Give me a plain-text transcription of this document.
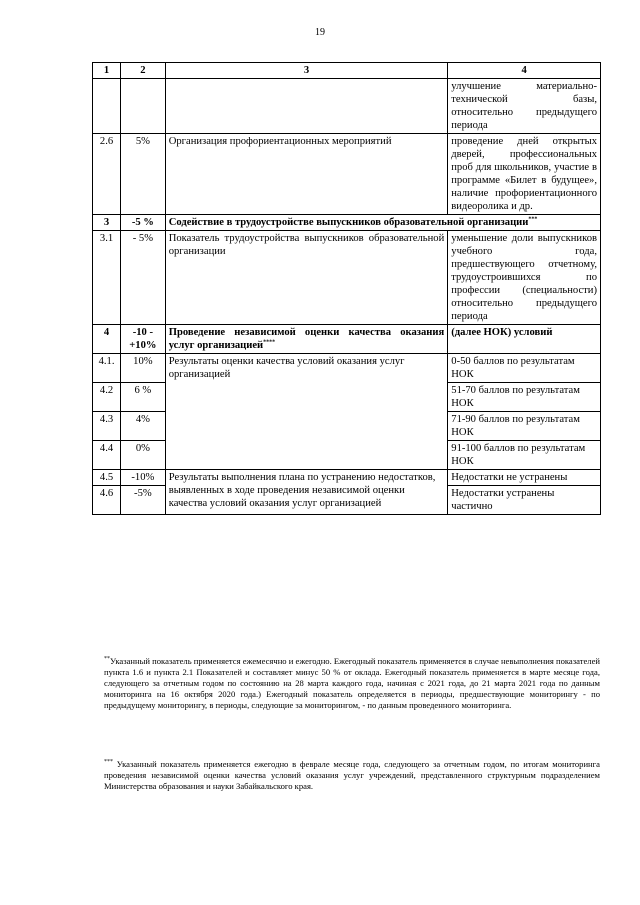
19
1	2	3	4
			улучшение материально-технической базы, относительно предыдущего периода
2.6	5%	Организация профориентационных мероприятий	проведение дней открытых дверей, профессиональных проб для школьников, участие в программе «Билет в будущее», наличие профориентационного видеоролика и др.
3	-5 %	Содействие в трудоустройстве выпускников образовательной организации***
3.1	- 5%	Показатель трудоустройства выпускников образовательной организации	уменьшение доли выпускников учебного года, предшествующего отчетному, трудоустроившихся по профессии (специальности) относительно предыдущего периода
4	-10 - +10%	Проведение независимой оценки качества оказания услуг организацией****	(далее НОК) условий
4.1.	10%	Результаты оценки качества условий оказания услуг организацией	0-50 баллов по результатам НОК
4.2	6 %		51-70 баллов по результатам НОК
4.3	4%		71-90 баллов по результатам НОК
4.4	0%		91-100 баллов по результатам НОК
4.5	-10%	Результаты выполнения плана по устранению недостатков, выявленных в ходе проведения независимой оценки качества условий оказания услуг организацией	Недостатки не устранены
4.6	-5%		Недостатки устранены частично
**Указанный показатель применяется ежемесячно и ежегодно. Ежегодный показатель применяется в случае невыполнения показателей пункта 1.6 и пункта 2.1 Показателей и составляет минус 50 % от оклада. Ежегодный показатель применяется в марте месяце года, следующего за отчетным годом по состоянию на 28 марта каждого года, начиная с 2021 года, до 21 марта 2021 года по данным мониторинга на 16 октября 2020 года.) Ежегодный показатель определяется в периоды, предшествующие мониторингу - по предыдущему мониторингу, в периоды, следующие за мониторингом, - по данным проведенного мониторинга.
*** Указанный показатель применяется ежегодно в феврале месяце года, следующего за отчетным годом, по итогам мониторинга проведения независимой оценки качества условий оказания услуг учреждений, представленного структурным подразделением Министерства образования и науки Забайкальского края.
